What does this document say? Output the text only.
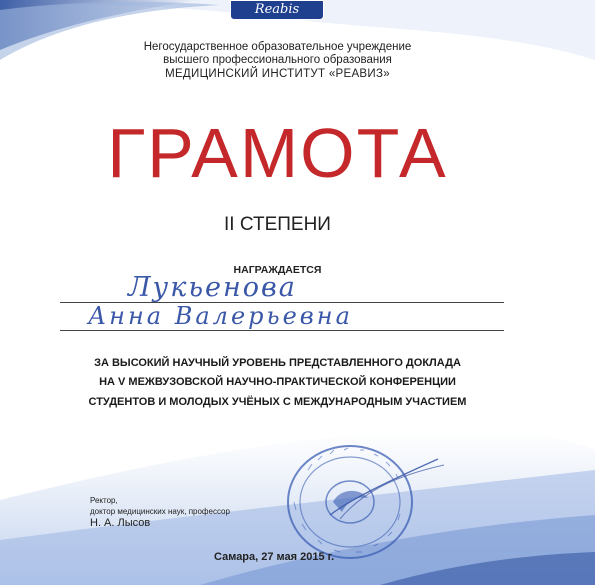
Reabis
Негосударственное образовательное учреждение
высшего профессионального образования
МЕДИЦИНСКИЙ ИНСТИТУТ «РЕАВИЗ»
ГРАМОТА
II СТЕПЕНИ
НАГРАЖДАЕТСЯ
Лукьенова
Анна Валерьевна
ЗА ВЫСОКИЙ НАУЧНЫЙ УРОВЕНЬ ПРЕДСТАВЛЕННОГО ДОКЛАДА
НА V МЕЖВУЗОВСКОЙ НАУЧНО-ПРАКТИЧЕСКОЙ КОНФЕРЕНЦИИ
СТУДЕНТОВ И МОЛОДЫХ УЧЁНЫХ С МЕЖДУНАРОДНЫМ УЧАСТИЕМ
Ректор,
доктор медицинских наук, профессор
Н. А. Лысов
Самара, 27 мая 2015 г.
